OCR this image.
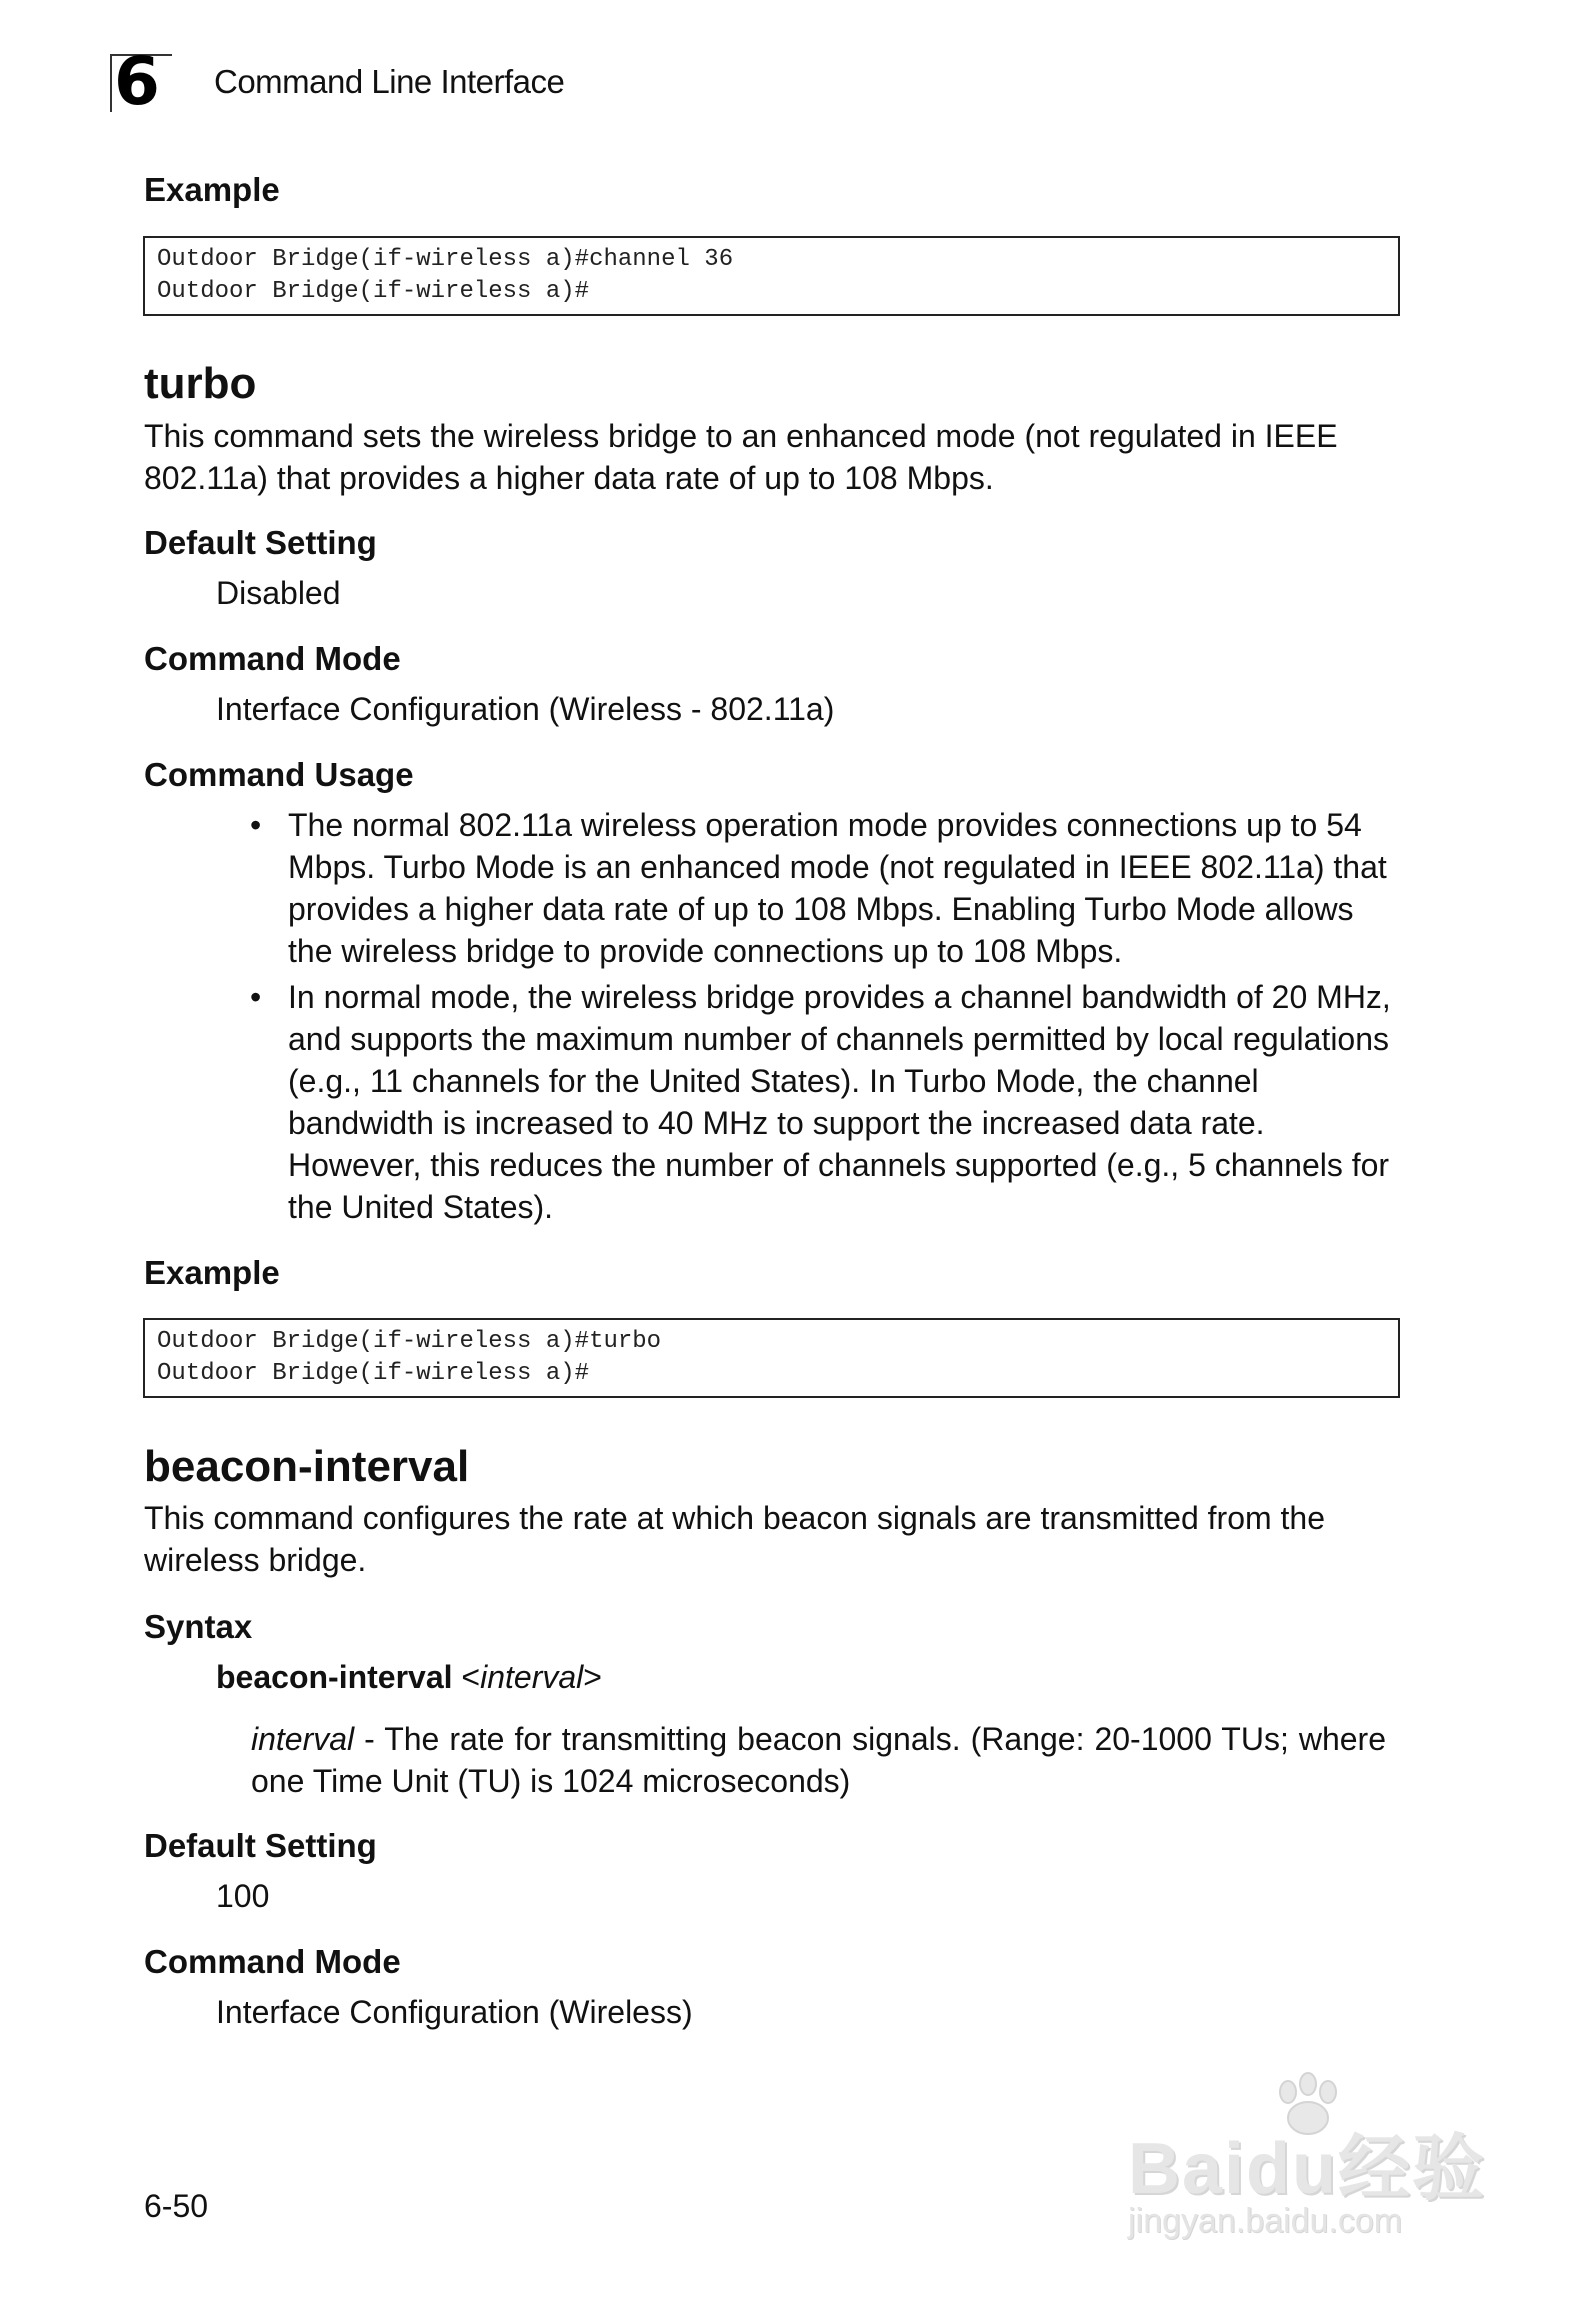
6 Command Line Interface
Example
Outdoor Bridge(if-wireless a)#channel 36
Outdoor Bridge(if-wireless a)#
turbo

This command sets the wireless bridge to an enhanced mode (not regulated in IEEE 802.11a) that provides a higher data rate of up to 108 Mbps.

Default Setting

Disabled

Command Mode

Interface Configuration (Wireless - 802.11a)

Command Usage
• The normal 802.11a wireless operation mode provides connections up to 54 Mbps. Turbo Mode is an enhanced mode (not regulated in IEEE 802.11a) that provides a higher data rate of up to 108 Mbps. Enabling Turbo Mode allows the wireless bridge to provide connections up to 108 Mbps.
• In normal mode, the wireless bridge provides a channel bandwidth of 20 MHz, and supports the maximum number of channels permitted by local regulations (e.g., 11 channels for the United States). In Turbo Mode, the channel bandwidth is increased to 40 MHz to support the increased data rate. However, this reduces the number of channels supported (e.g., 5 channels for the United States).
Example
Outdoor Bridge(if-wireless a)#turbo
Outdoor Bridge(if-wireless a)#
beacon-interval

This command configures the rate at which beacon signals are transmitted from the wireless bridge.

Syntax
beacon-interval <interval>

interval - The rate for transmitting beacon signals. (Range: 20-1000 TUs; where one Time Unit (TU) is 1024 microseconds)

Default Setting

100

Command Mode

Interface Configuration (Wireless)

6-50	Baidu经验
jingyan.baidu.com
